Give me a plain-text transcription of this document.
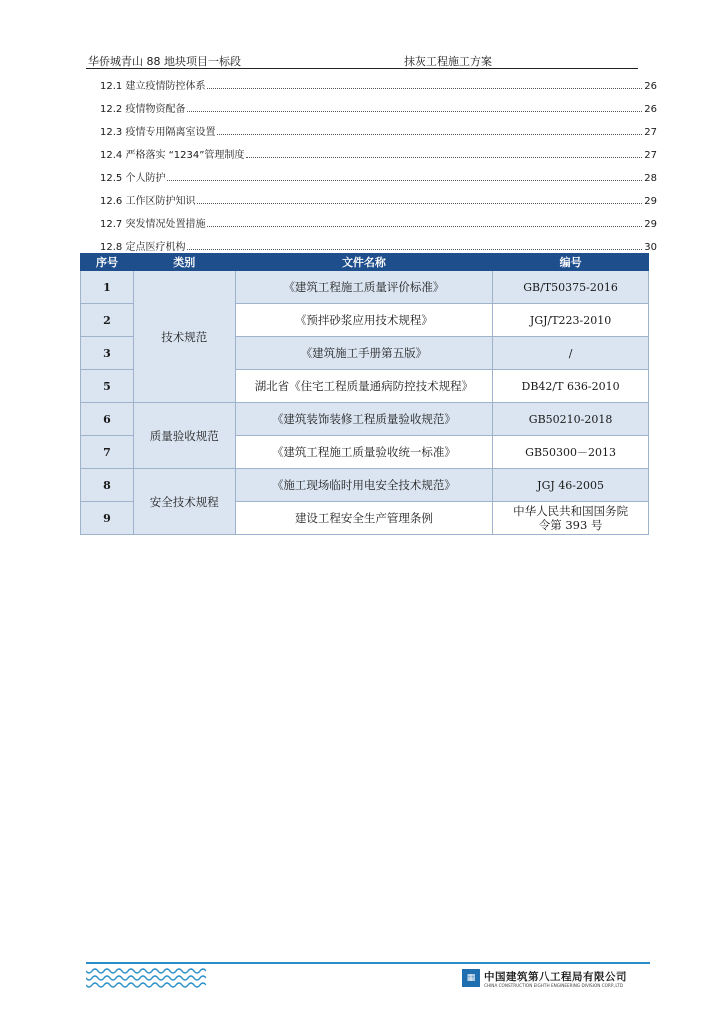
华侨城青山 88 地块项目一标段	抹灰工程施工方案
12.1 建立疫情防控体系	26
12.2 疫情物资配备	26
12.3 疫情专用隔离室设置	27
12.4 严格落实 “1234”管理制度	27
12.5 个人防护	28
12.6 工作区防护知识	29
12.7 突发情况处置措施	29
12.8 定点医疗机构	30
序号	类别	文件名称	编号
1	技术规范	《建筑工程施工质量评价标准》	GB/T50375-2016
2		《预拌砂浆应用技术规程》	JGJ/T223-2010
3		《建筑施工手册第五版》	/
5		湖北省《住宅工程质量通病防控技术规程》	DB42/T 636-2010
6	质量验收规范	《建筑装饰装修工程质量验收规范》	GB50210-2018
7		《建筑工程施工质量验收统一标准》	GB50300－2013
8	安全技术规程	《施工现场临时用电安全技术规范》	JGJ 46-2005
9		建设工程安全生产管理条例	中华人民共和国国务院令第 393 号
▦ 中国建筑第八工程局有限公司
CHINA CONSTRUCTION EIGHTH ENGINEERING DIVISION CORP.,LTD
